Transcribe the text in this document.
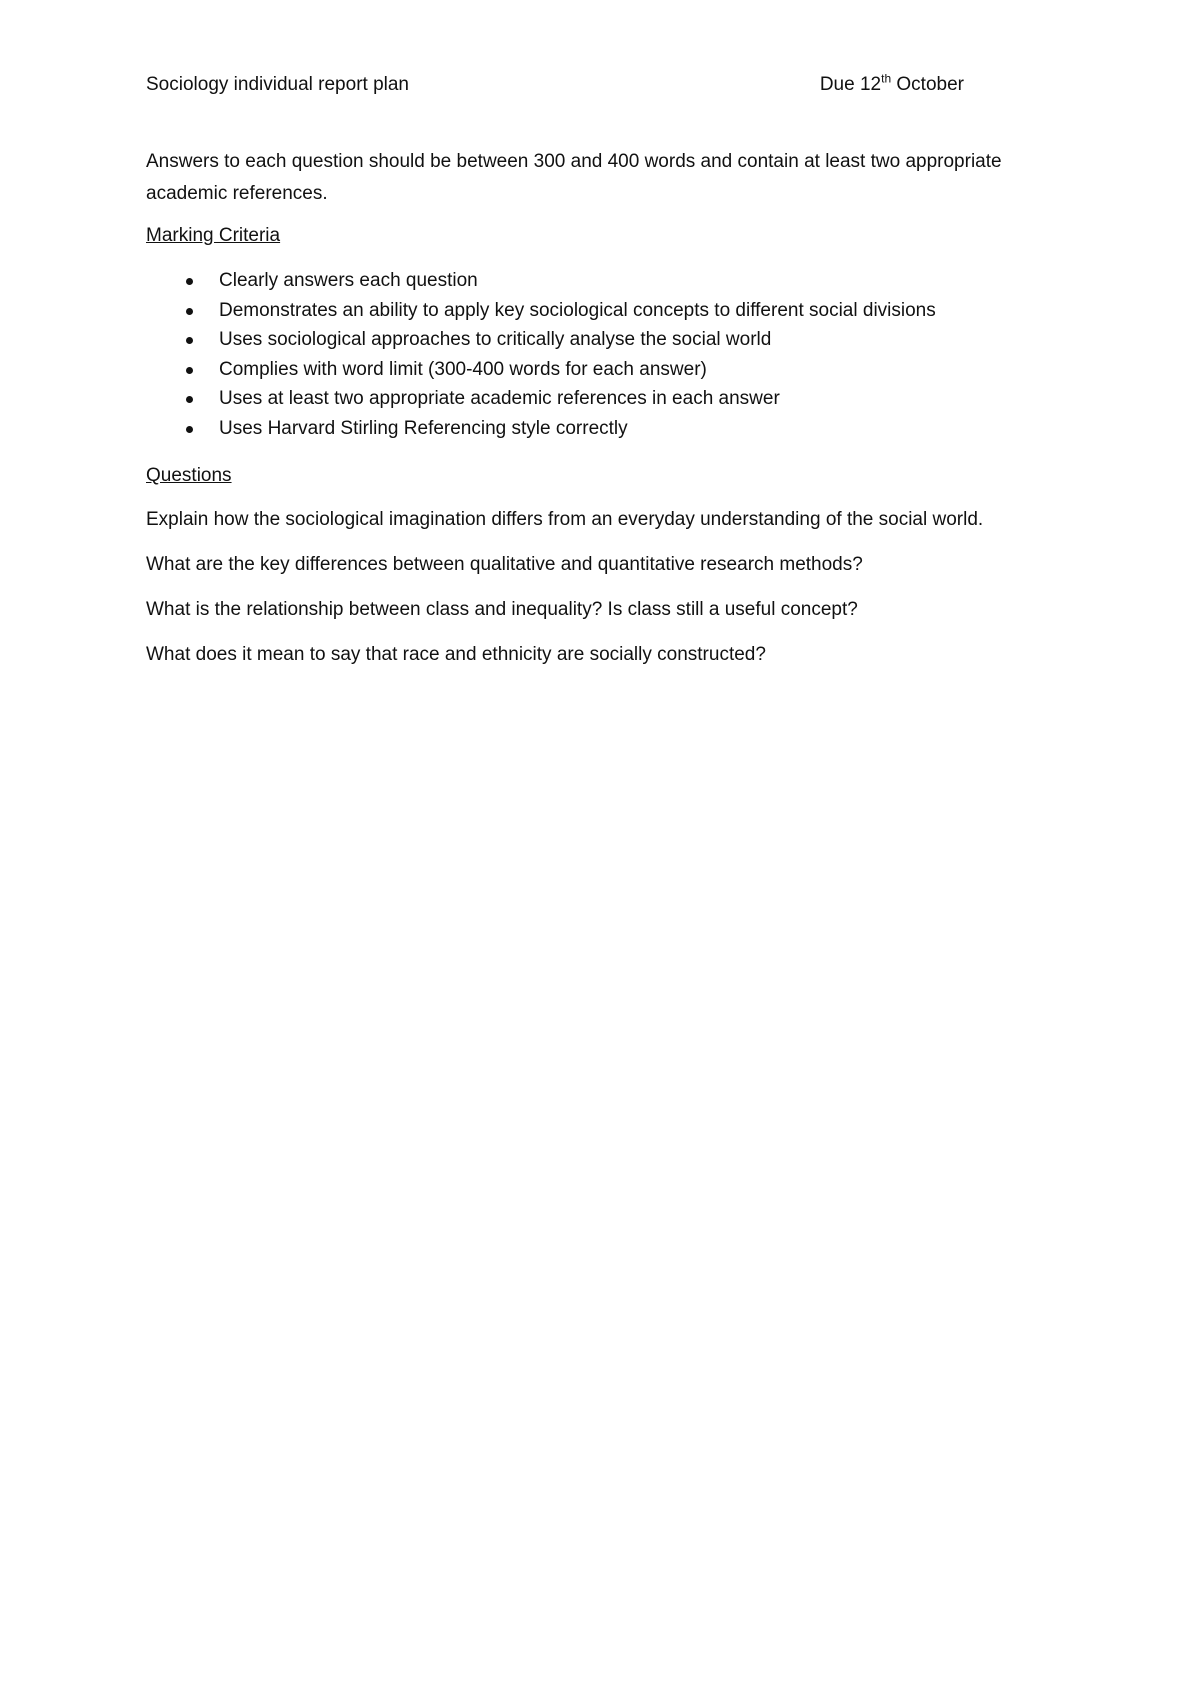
Sociology individual report plan	Due 12th October

Answers to each question should be between 300 and 400 words and contain at least two appropriate academic references.

Marking Criteria

Clearly answers each question
Demonstrates an ability to apply key sociological concepts to different social divisions
Uses sociological approaches to critically analyse the social world
Complies with word limit (300-400 words for each answer)
Uses at least two appropriate academic references in each answer
Uses Harvard Stirling Referencing style correctly

Questions

Explain how the sociological imagination differs from an everyday understanding of the social world.

What are the key differences between qualitative and quantitative research methods?

What is the relationship between class and inequality? Is class still a useful concept?

What does it mean to say that race and ethnicity are socially constructed?
